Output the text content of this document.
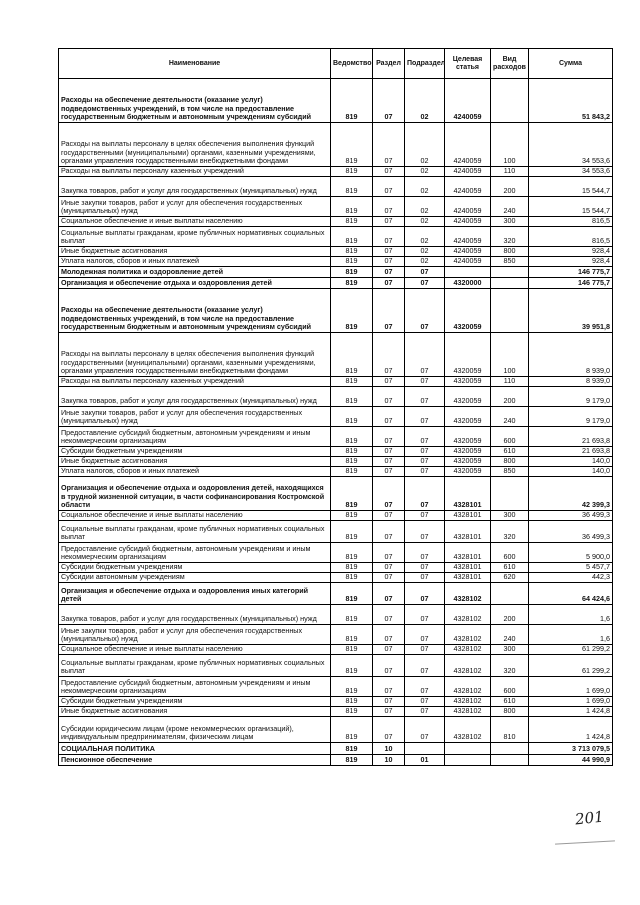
Наименование	Ведомство	Раздел	Подраздел	Целевая статья	Вид расходов	Сумма
Расходы на обеспечение деятельности (оказание услуг) подведомственных учреждений, в том числе на предоставление государственным бюджетным и автономным учреждениям субсидий	819	07	02	4240059		51 843,2
Расходы на выплаты персоналу в целях обеспечения выполнения функций государственными (муниципальными) органами, казенными учреждениями, органами управления государственными внебюджетными фондами	819	07	02	4240059	100	34 553,6
Расходы на выплаты персоналу казенных учреждений	819	07	02	4240059	110	34 553,6
Закупка товаров, работ и услуг для государственных (муниципальных) нужд	819	07	02	4240059	200	15 544,7
Иные закупки товаров, работ и услуг для обеспечения государственных (муниципальных) нужд	819	07	02	4240059	240	15 544,7
Социальное обеспечение и иные выплаты населению	819	07	02	4240059	300	816,5
Социальные выплаты гражданам, кроме публичных нормативных социальных выплат	819	07	02	4240059	320	816,5
Иные бюджетные ассигнования	819	07	02	4240059	800	928,4
Уплата налогов, сборов и иных платежей	819	07	02	4240059	850	928,4
Молодежная политика и оздоровление детей	819	07	07			146 775,7
Организация и обеспечение отдыха и оздоровления детей	819	07	07	4320000		146 775,7
Расходы на обеспечение деятельности (оказание услуг) подведомственных учреждений, в том числе на предоставление государственным бюджетным и автономным учреждениям субсидий	819	07	07	4320059		39 951,8
Расходы на выплаты персоналу в целях обеспечения выполнения функций государственными (муниципальными) органами, казенными учреждениями, органами управления государственными внебюджетными фондами	819	07	07	4320059	100	8 939,0
Расходы на выплаты персоналу казенных учреждений	819	07	07	4320059	110	8 939,0
Закупка товаров, работ и услуг для государственных (муниципальных) нужд	819	07	07	4320059	200	9 179,0
Иные закупки товаров, работ и услуг для обеспечения государственных (муниципальных) нужд	819	07	07	4320059	240	9 179,0
Предоставление субсидий бюджетным, автономным учреждениям и иным некоммерческим организациям	819	07	07	4320059	600	21 693,8
Субсидии бюджетным учреждениям	819	07	07	4320059	610	21 693,8
Иные бюджетные ассигнования	819	07	07	4320059	800	140,0
Уплата налогов, сборов и иных платежей	819	07	07	4320059	850	140,0
Организация и обеспечение отдыха и оздоровления детей, находящихся в трудной жизненной ситуации, в части софинансирования Костромской области	819	07	07	4328101		42 399,3
Социальное обеспечение и иные выплаты населению	819	07	07	4328101	300	36 499,3
Социальные выплаты гражданам, кроме публичных нормативных социальных выплат	819	07	07	4328101	320	36 499,3
Предоставление субсидий бюджетным, автономным учреждениям и иным некоммерческим организациям	819	07	07	4328101	600	5 900,0
Субсидии бюджетным учреждениям	819	07	07	4328101	610	5 457,7
Субсидии автономным учреждениям	819	07	07	4328101	620	442,3
Организация и обеспечение отдыха и оздоровления иных категорий детей	819	07	07	4328102		64 424,6
Закупка товаров, работ и услуг для государственных (муниципальных) нужд	819	07	07	4328102	200	1,6
Иные закупки товаров, работ и услуг для обеспечения государственных (муниципальных) нужд	819	07	07	4328102	240	1,6
Социальное обеспечение и иные выплаты населению	819	07	07	4328102	300	61 299,2
Социальные выплаты гражданам, кроме публичных нормативных социальных выплат	819	07	07	4328102	320	61 299,2
Предоставление субсидий бюджетным, автономным учреждениям и иным некоммерческим организациям	819	07	07	4328102	600	1 699,0
Субсидии бюджетным учреждениям	819	07	07	4328102	610	1 699,0
Иные бюджетные ассигнования	819	07	07	4328102	800	1 424,8
Субсидии юридическим лицам (кроме некоммерческих организаций), индивидуальным предпринимателям, физическим лицам	819	07	07	4328102	810	1 424,8
СОЦИАЛЬНАЯ ПОЛИТИКА	819	10				3 713 079,5
Пенсионное обеспечение	819	10	01			44 990,9
201
